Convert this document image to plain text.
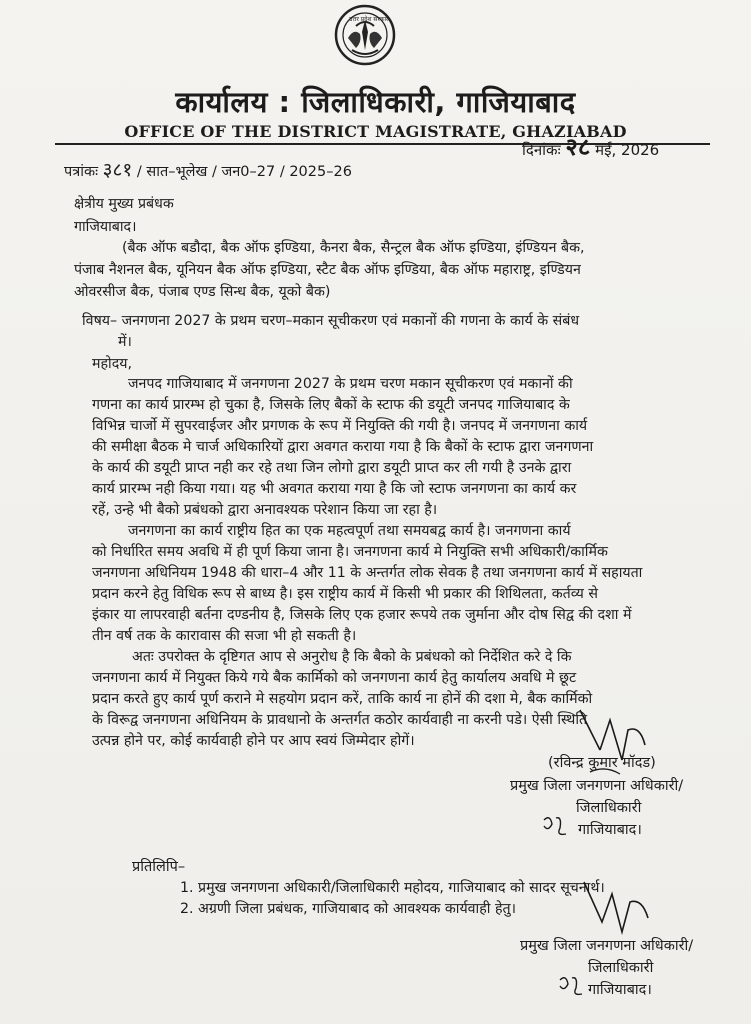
उत्तर प्रदेश सरकार
कार्यालय : जिलाधिकारी, गाजियाबाद
OFFICE OF THE DISTRICT MAGISTRATE, GHAZIABAD
दिनांकः २८ मई, 2026
पत्रांकः ३८१ / सात–भूलेख / जन0–27 / 2025–26
क्षेत्रीय मुख्य प्रबंधक
गाजियाबाद।
(बैक ऑफ बडौदा, बैक ऑफ इण्डिया, कैनरा बैक, सैन्ट्रल बैक ऑफ इण्डिया, इंण्डियन बैक,
पंजाब नैशनल बैक, यूनियन बैक ऑफ इण्डिया, स्टैट बैक ऑफ इण्डिया, बैक ऑफ महाराष्ट्र, इण्डियन
ओवरसीज बैक, पंजाब एण्ड सिन्ध बैक, यूको बैक)
विषय– जनगणना 2027 के प्रथम चरण–मकान सूचीकरण एवं मकानों की गणना के कार्य के संबंध
में।
महोदय,
जनपद गाजियाबाद में जनगणना 2027 के प्रथम चरण मकान सूचीकरण एवं मकानों की
गणना का कार्य प्रारम्भ हो चुका है, जिसके लिए बैकों के स्टाफ की डयूटी जनपद गाजियाबाद के
विभिन्न चार्जो में सुपरवाईजर और प्रगणक के रूप में नियुक्ति की गयी है। जनपद में जनगणना कार्य
की समीक्षा बैठक मे चार्ज अधिकारियों द्वारा अवगत कराया गया है कि बैकों के स्टाफ द्वारा जनगणना
के कार्य की डयूटी प्राप्त नही कर रहे तथा जिन लोगो द्वारा डयूटी प्राप्त कर ली गयी है उनके द्वारा
कार्य प्रारम्भ नही किया गया। यह भी अवगत कराया गया है कि जो स्टाफ जनगणना का कार्य कर
रहें, उन्हे भी बैको प्रबंधको द्वारा अनावश्यक परेशान किया जा रहा है।
जनगणना का कार्य राष्ट्रीय हित का एक महत्वपूर्ण तथा समयबद्व कार्य है। जनगणना कार्य
को निर्धारित समय अवधि में ही पूर्ण किया जाना है। जनगणना कार्य मे नियुक्ति सभी अधिकारी/कार्मिक
जनगणना अधिनियम 1948 की धारा–4 और 11 के अन्तर्गत लोक सेवक है तथा जनगणना कार्य में सहायता
प्रदान करने हेतु विधिक रूप से बाध्य है। इस राष्ट्रीय कार्य में किसी भी प्रकार की शिथिलता, कर्तव्य से
इंकार या लापरवाही बर्तना दण्डनीय है, जिसके लिए एक हजार रूपये तक जुर्माना और दोष सिद्व की दशा में
तीन वर्ष तक के कारावास की सजा भी हो सकती है।
अतः उपरोक्त के दृष्टिगत आप से अनुरोध है कि बैको के प्रबंधको को निर्देशित करे दे कि
जनगणना कार्य में नियुक्त किये गये बैक कार्मिको को जनगणना कार्य हेतु कार्यालय अवधि मे छूट
प्रदान करते हुए कार्य पूर्ण कराने मे सहयोग प्रदान करें, ताकि कार्य ना होनें की दशा मे, बैक कार्मिको
के विरूद्व जनगणना अधिनियम के प्रावधानो के अन्तर्गत कठोर कार्यवाही ना करनी पडे। ऐसी स्थिति
उत्पन्न होने पर, कोई कार्यवाही होने पर आप स्वयं जिम्मेदार होगें।
(रविन्द्र कुमार मॉदड)
प्रमुख जिला जनगणना अधिकारी/
जिलाधिकारी
गाजियाबाद।
प्रतिलिपि–
1. प्रमुख जनगणना अधिकारी/जिलाधिकारी महोदय, गाजियाबाद को सादर सूचनार्थ।
2. अग्रणी जिला प्रबंधक, गाजियाबाद को आवश्यक कार्यवाही हेतु।
प्रमुख जिला जनगणना अधिकारी/
जिलाधिकारी
गाजियाबाद।
